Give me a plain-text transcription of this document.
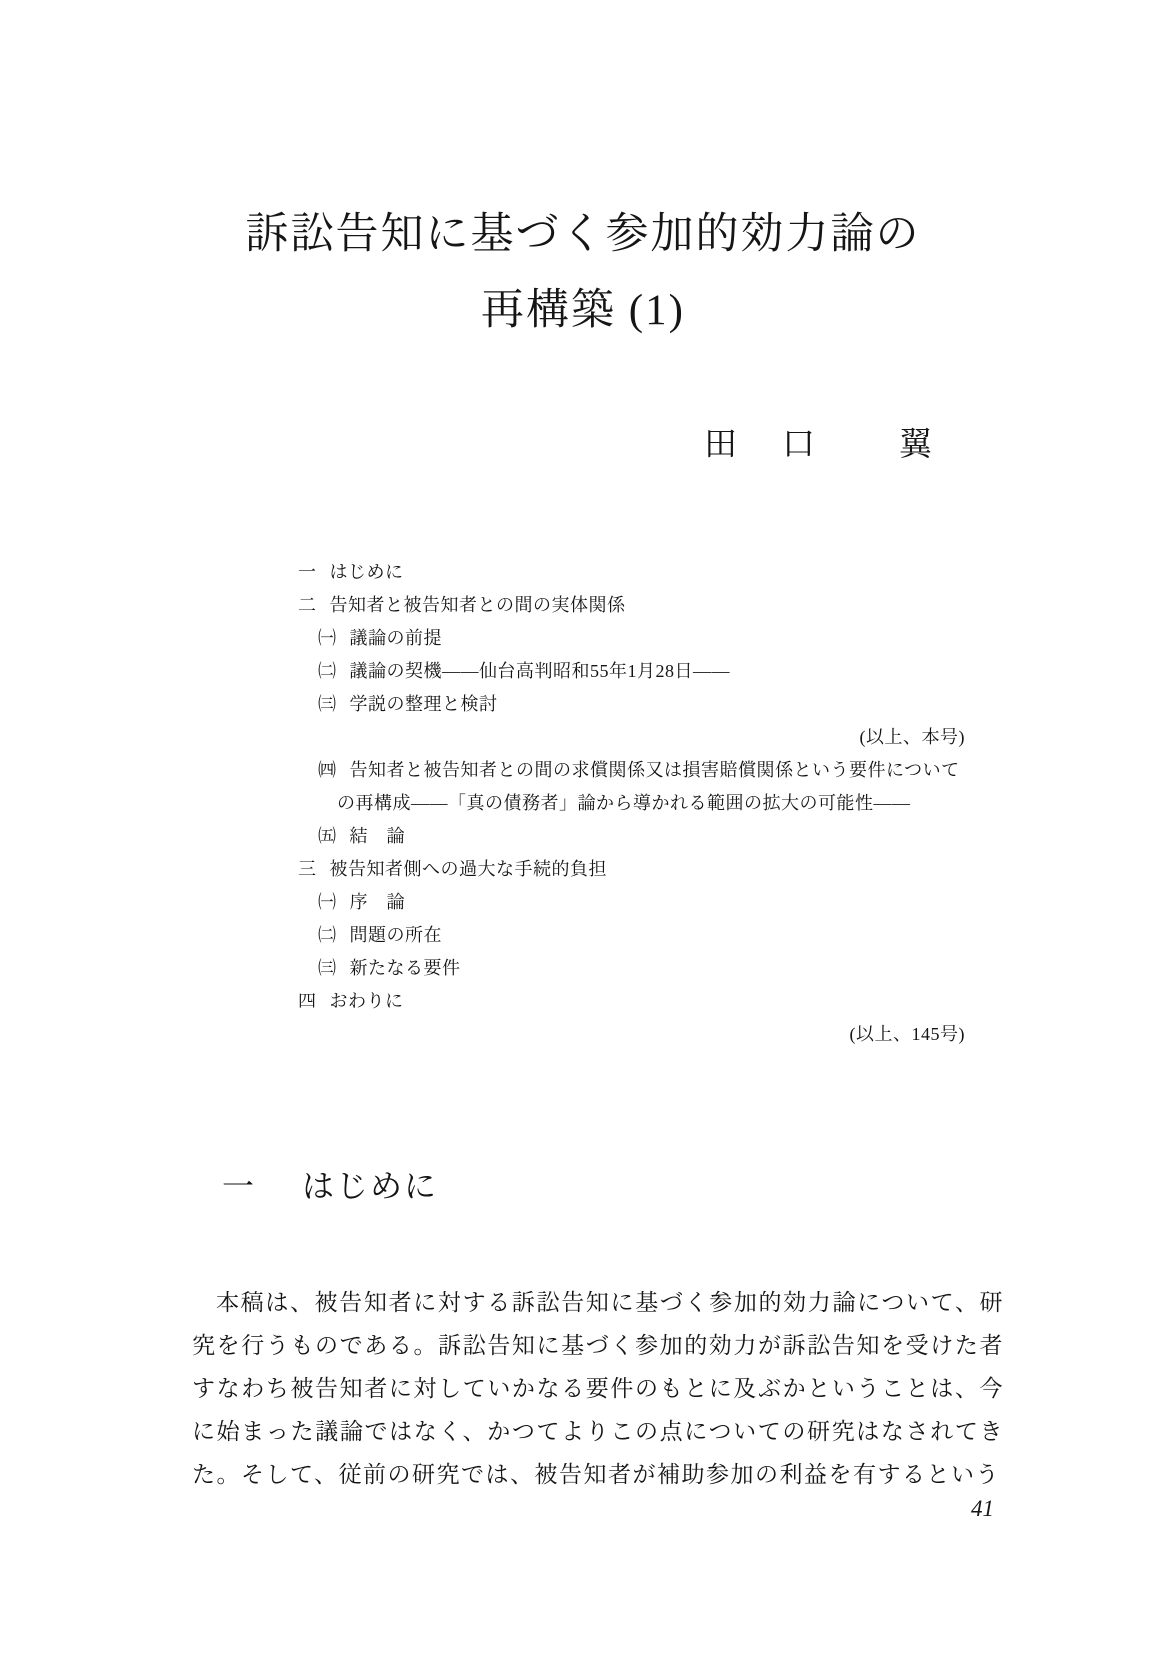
訴訟告知に基づく参加的効力論の
再構築 (1)
田　口　　翼
一 はじめに
二 告知者と被告知者との間の実体関係
㈠ 議論の前提
㈡ 議論の契機——仙台高判昭和55年1月28日——
㈢ 学説の整理と検討
(以上、本号)
㈣ 告知者と被告知者との間の求償関係又は損害賠償関係という要件について
の再構成——「真の債務者」論から導かれる範囲の拡大の可能性——
㈤ 結　論
三 被告知者側への過大な手続的負担
㈠ 序　論
㈡ 問題の所在
㈢ 新たなる要件
四 おわりに
(以上、145号)
一 はじめに

本稿は、被告知者に対する訴訟告知に基づく参加的効力論について、研究を行うものである。訴訟告知に基づく参加的効力が訴訟告知を受けた者すなわち被告知者に対していかなる要件のもとに及ぶかということは、今に始まった議論ではなく、かつてよりこの点についての研究はなされてきた。そして、従前の研究では、被告知者が補助参加の利益を有するという

41
